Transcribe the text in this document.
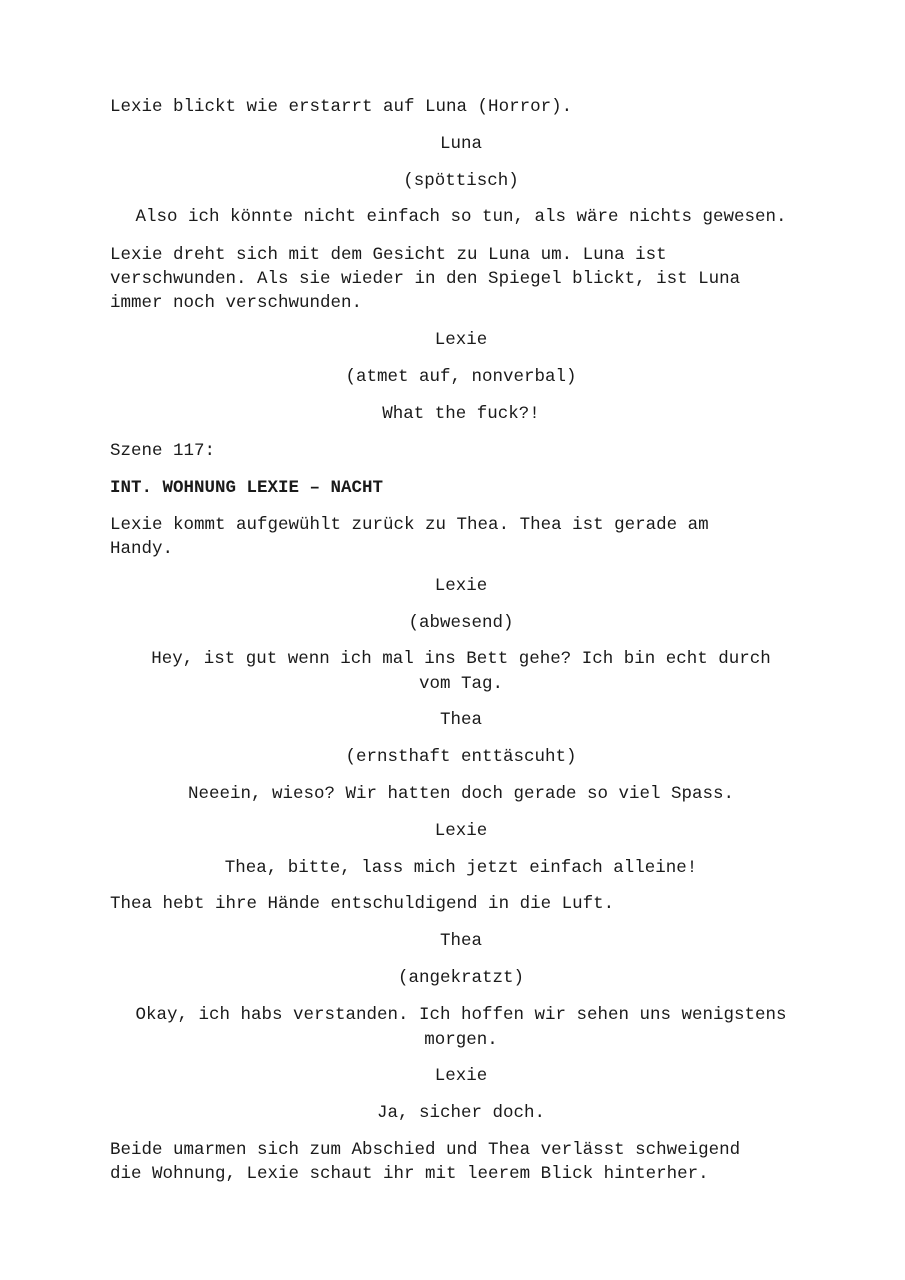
Lexie blickt wie erstarrt auf Luna (Horror).

Luna

(spöttisch)

Also ich könnte nicht einfach so tun, als wäre nichts gewesen.

Lexie dreht sich mit dem Gesicht zu Luna um. Luna ist

verschwunden. Als sie wieder in den Spiegel blickt, ist Luna

immer noch verschwunden.

Lexie

(atmet auf, nonverbal)

What the fuck?!

Szene 117:

INT. WOHNUNG LEXIE – NACHT

Lexie kommt aufgewühlt zurück zu Thea. Thea ist gerade am

Handy.

Lexie

(abwesend)

Hey, ist gut wenn ich mal ins Bett gehe? Ich bin echt durch

vom Tag.

Thea

(ernsthaft enttäscuht)

Neeein, wieso? Wir hatten doch gerade so viel Spass.

Lexie

Thea, bitte, lass mich jetzt einfach alleine!

Thea hebt ihre Hände entschuldigend in die Luft.

Thea

(angekratzt)

Okay, ich habs verstanden. Ich hoffen wir sehen uns wenigstens

morgen.

Lexie

Ja, sicher doch.

Beide umarmen sich zum Abschied und Thea verlässt schweigend

die Wohnung, Lexie schaut ihr mit leerem Blick hinterher.
